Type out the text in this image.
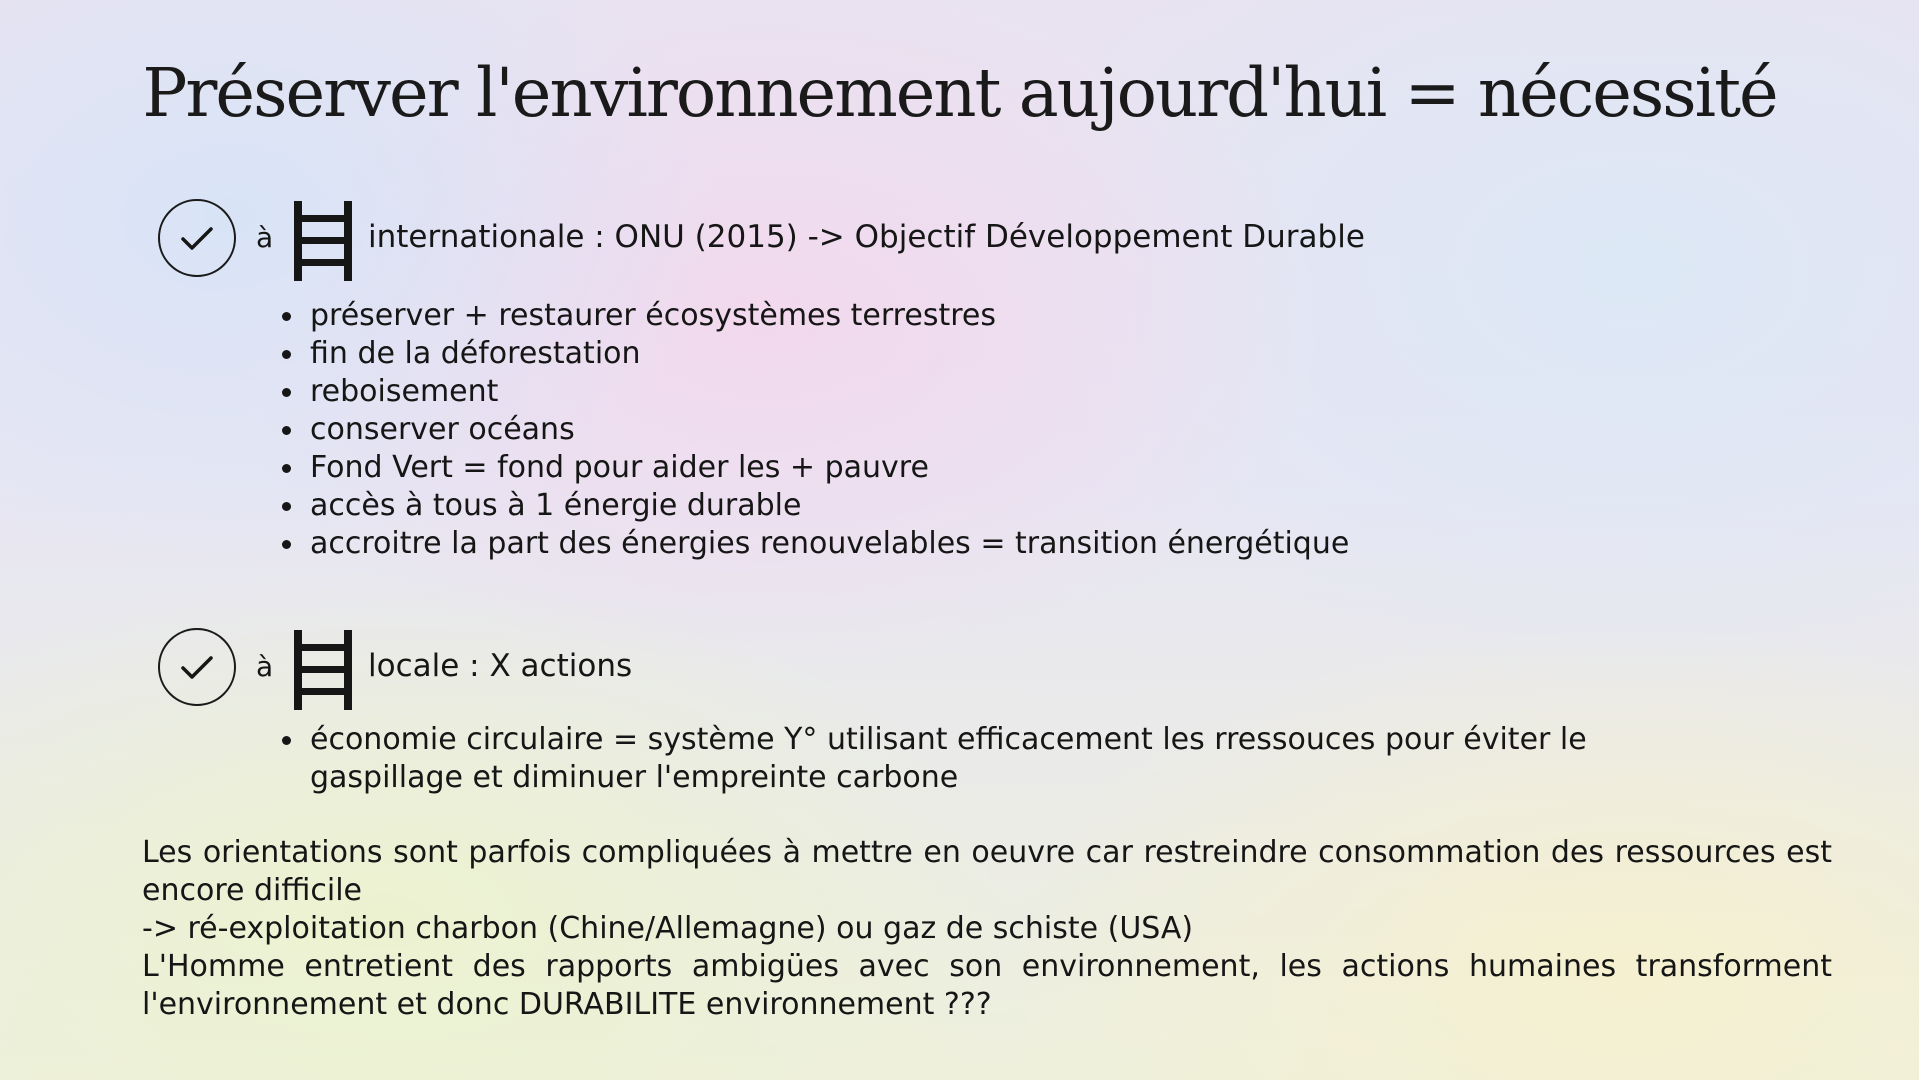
Préserver l'environnement aujourd'hui = nécessité
à	internationale : ONU (2015) -> Objectif Développement Durable
préserver + restaurer écosystèmes terrestres
fin de la déforestation
reboisement
conserver océans
Fond Vert = fond pour aider les + pauvre
accès à tous à 1 énergie durable
accroitre la part des énergies renouvelables = transition énergétique
à	locale : X actions
économie circulaire = système Y° utilisant efficacement les rressouces pour éviter le gaspillage et diminuer l'empreinte carbone

Les orientations sont parfois compliquées à mettre en oeuvre car restreindre consommation des ressources est encore difficile

-> ré-exploitation charbon (Chine/Allemagne) ou gaz de schiste (USA)

L'Homme entretient des rapports ambigües avec son environnement, les actions humaines transforment l'environnement et donc DURABILITE environnement ???
